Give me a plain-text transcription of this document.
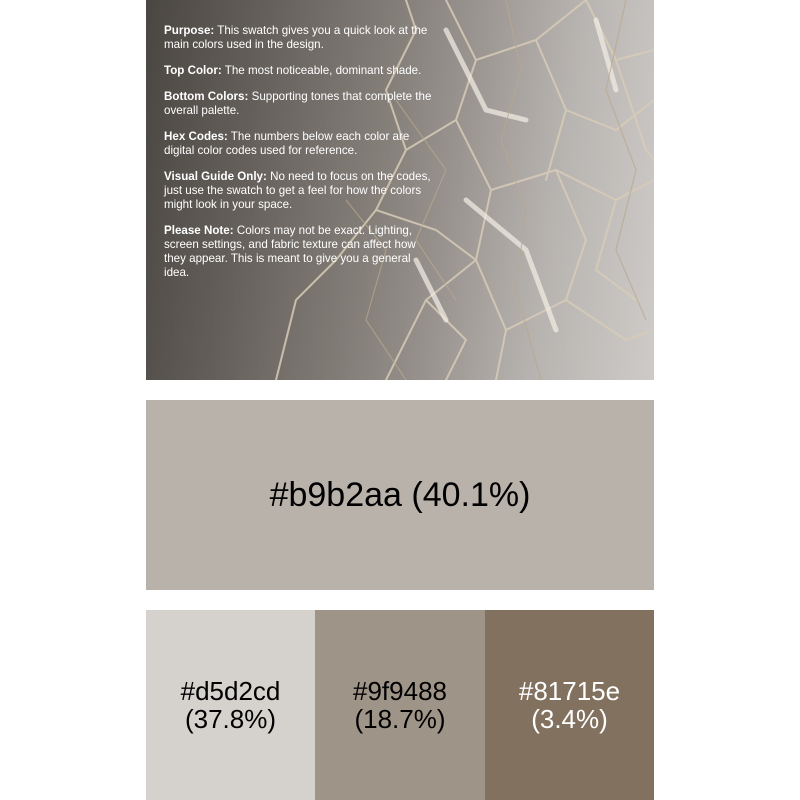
Purpose: This swatch gives you a quick look at the main colors used in the design.

Top Color: The most noticeable, dominant shade.

Bottom Colors: Supporting tones that complete the overall palette.

Hex Codes: The numbers below each color are digital color codes used for reference.

Visual Guide Only: No need to focus on the codes, just use the swatch to get a feel for how the colors might look in your space.

Please Note: Colors may not be exact. Lighting, screen settings, and fabric texture can affect how they appear. This is meant to give you a general idea.

#b9b2aa (40.1%)
#d5d2cd
(37.8%)
#9f9488
(18.7%)
#81715e
(3.4%)
